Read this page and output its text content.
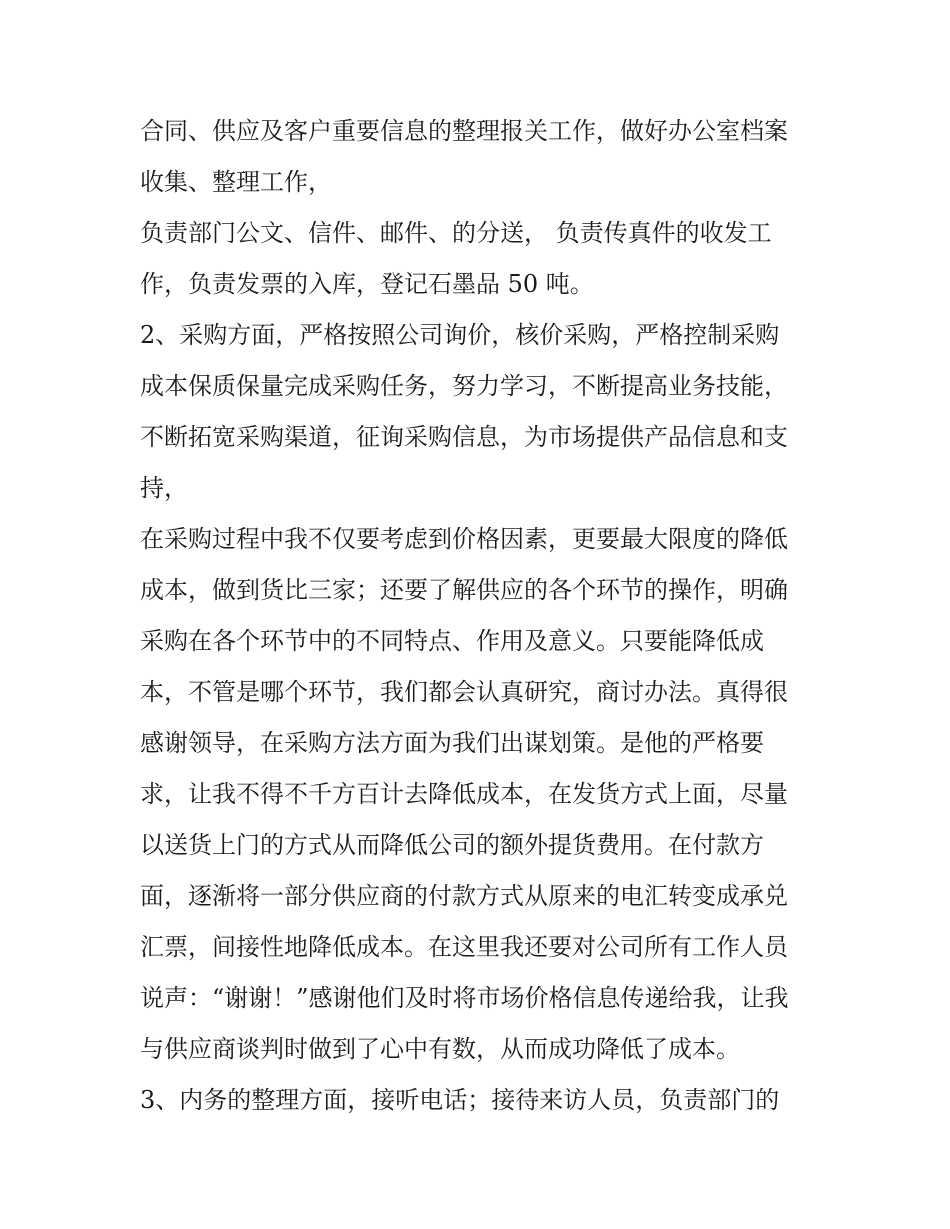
合同、供应及客户重要信息的整理报关工作，做好办公室档案
收集、整理工作，
负责部门公文、信件、邮件、的分送， 负责传真件的收发工
作，负责发票的入库，登记石墨品 50 吨。
2、采购方面，严格按照公司询价，核价采购，严格控制采购
成本保质保量完成采购任务，努力学习，不断提高业务技能，
不断拓宽采购渠道，征询采购信息，为市场提供产品信息和支
持，
在采购过程中我不仅要考虑到价格因素，更要最大限度的降低
成本，做到货比三家；还要了解供应的各个环节的操作，明确
采购在各个环节中的不同特点、作用及意义。只要能降低成
本，不管是哪个环节，我们都会认真研究，商讨办法。真得很
感谢领导，在采购方法方面为我们出谋划策。是他的严格要
求，让我不得不千方百计去降低成本，在发货方式上面，尽量
以送货上门的方式从而降低公司的额外提货费用。在付款方
面，逐渐将一部分供应商的付款方式从原来的电汇转变成承兑
汇票，间接性地降低成本。在这里我还要对公司所有工作人员
说声：“谢谢！”感谢他们及时将市场价格信息传递给我，让我
与供应商谈判时做到了心中有数，从而成功降低了成本。
3、内务的整理方面，接听电话；接待来访人员，负责部门的
